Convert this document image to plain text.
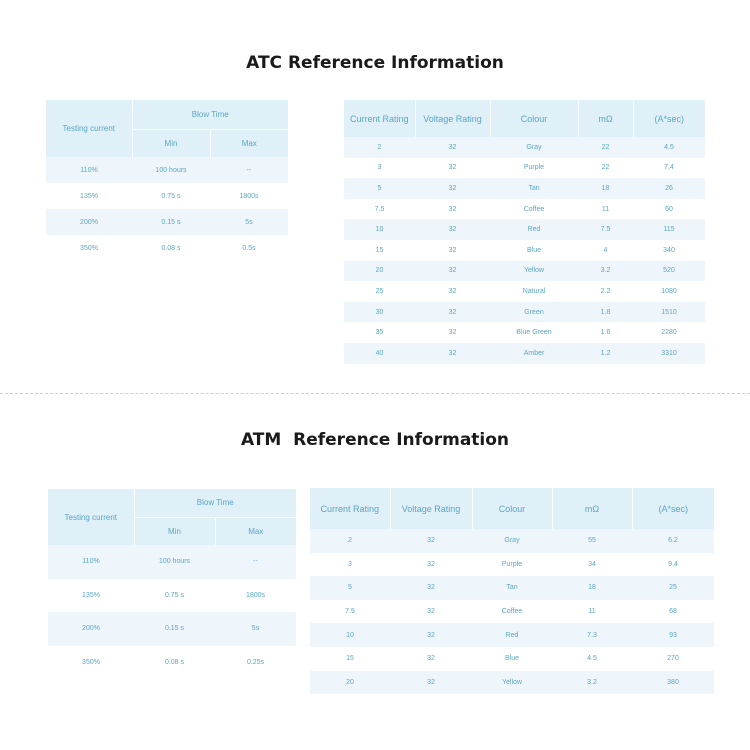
ATC Reference Information
Testing current	Blow Time	
	Min	Max
110%	100 hours	--
135%	0.75 s	1800s
200%	0.15 s	5s
350%	0.08 s	0.5s
Current Rating	Voltage Rating	Colour	mΩ	(A*sec)
2	32	Gray	22	4.5
3	32	Purple	22	7.4
5	32	Tan	18	26
7.5	32	Coffee	11	60
10	32	Red	7.5	115
15	32	Blue	4	340
20	32	Yellow	3.2	520
25	32	Natural	2.2	1080
30	32	Green	1.8	1510
35	32	Blue Green	1.6	2280
40	32	Amber	1.2	3310
ATM  Reference Information
Testing current	Blow Time	
	Min	Max
110%	100 hours	--
135%	0.75 s	1800s
200%	0.15 s	5s
350%	0.08 s	0.25s
Current Rating	Voltage Rating	Colour	mΩ	(A*sec)
2	32	Gray	55	6.2
3	32	Purple	34	9.4
5	32	Tan	18	25
7.5	32	Coffee	11	68
10	32	Red	7.3	93
15	32	Blue	4.5	270
20	32	Yellow	3.2	380
